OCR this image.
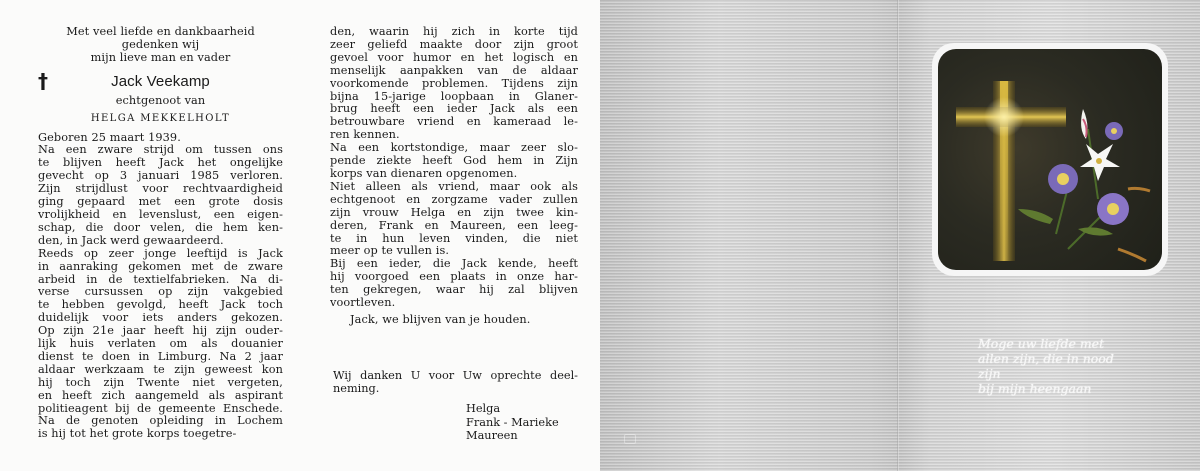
Met veel liefde en dankbaarheid
gedenken wij
mijn lieve man en vader
†	Jack Veekamp
echtgenoot van
HELGA MEKKELHOLT
Geboren 25 maart 1939.
Na een zware strijd om tussen ons
te blijven heeft Jack het ongelijke
gevecht op 3 januari 1985 verloren.
Zijn strijdlust voor rechtvaardigheid
ging gepaard met een grote dosis
vrolijkheid en levenslust, een eigen-
schap, die door velen, die hem ken-
den, in Jack werd gewaardeerd.
Reeds op zeer jonge leeftijd is Jack
in aanraking gekomen met de zware
arbeid in de textielfabrieken. Na di-
verse cursussen op zijn vakgebied
te hebben gevolgd, heeft Jack toch
duidelijk voor iets anders gekozen.
Op zijn 21e jaar heeft hij zijn ouder-
lijk huis verlaten om als douanier
dienst te doen in Limburg. Na 2 jaar
aldaar werkzaam te zijn geweest kon
hij toch zijn Twente niet vergeten,
en heeft zich aangemeld als aspirant
politieagent bij de gemeente Enschede.
Na de genoten opleiding in Lochem
is hij tot het grote korps toegetre-
den, waarin hij zich in korte tijd
zeer geliefd maakte door zijn groot
gevoel voor humor en het logisch en
menselijk aanpakken van de aldaar
voorkomende problemen. Tijdens zijn
bijna 15-jarige loopbaan in Glaner-
brug heeft een ieder Jack als een
betrouwbare vriend en kameraad le-
ren kennen.
Na een kortstondige, maar zeer slo-
pende ziekte heeft God hem in Zijn
korps van dienaren opgenomen.
Niet alleen als vriend, maar ook als
echtgenoot en zorgzame vader zullen
zijn vrouw Helga en zijn twee kin-
deren, Frank en Maureen, een leeg-
te in hun leven vinden, die niet
meer op te vullen is.
Bij een ieder, die Jack kende, heeft
hij voorgoed een plaats in onze har-
ten gekregen, waar hij zal blijven
voortleven.
Jack, we blijven van je houden.
Wij danken U voor Uw oprechte deel-
neming.
Helga
Frank - Marieke
Maureen
Moge uw liefde met
allen zijn, die in nood zijn
bij mijn heengaan
